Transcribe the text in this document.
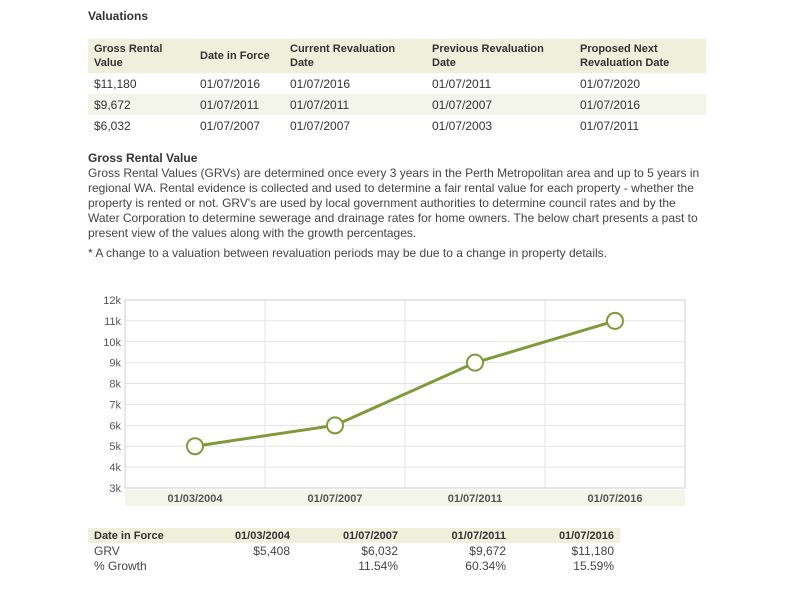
Valuations
Gross Rental Value	Date in Force	Current Revaluation Date	Previous Revaluation Date	Proposed Next Revaluation Date
$11,180	01/07/2016	01/07/2016	01/07/2011	01/07/2020
$9,672	01/07/2011	01/07/2011	01/07/2007	01/07/2016
$6,032	01/07/2007	01/07/2007	01/07/2003	01/07/2011
Gross Rental Value
Gross Rental Values (GRVs) are determined once every 3 years in the Perth Metropolitan area and up to 5 years in regional WA. Rental evidence is collected and used to determine a fair rental value for each property - whether the property is rented or not. GRV's are used by local government authorities to determine council rates and by the Water Corporation to determine sewerage and drainage rates for home owners. The below chart presents a past to present view of the values along with the growth percentages.
* A change to a valuation between revaluation periods may be due to a change in property details.
3k
4k
5k
6k
7k
8k
9k
10k
11k
12k
01/03/2004	01/07/2007	01/07/2011	01/07/2016
Date in Force	01/03/2004	01/07/2007	01/07/2011	01/07/2016
GRV	$5,408	$6,032	$9,672	$11,180
% Growth		11.54%	60.34%	15.59%
